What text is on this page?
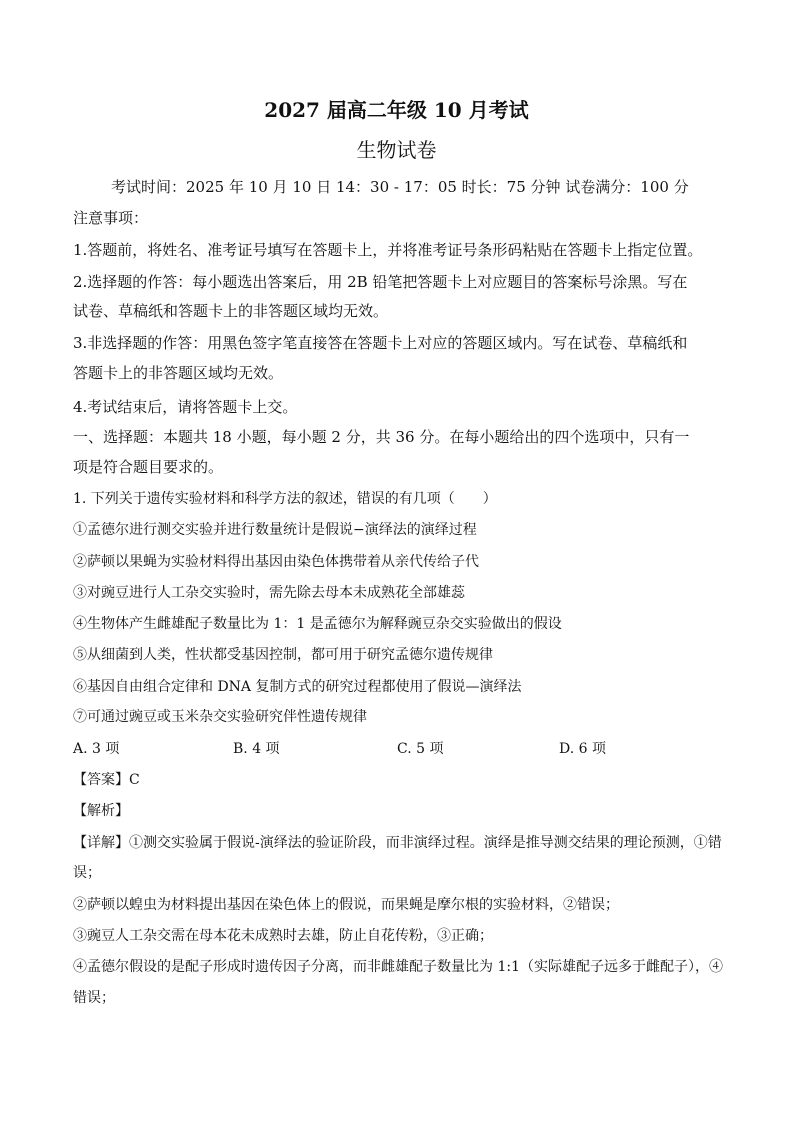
2027 届高二年级 10 月考试
生物试卷
考试时间：2025 年 10 月 10 日 14：30 - 17：05 时长：75 分钟 试卷满分：100 分
注意事项：
1.答题前，将姓名、准考证号填写在答题卡上，并将准考证号条形码粘贴在答题卡上指定位置。
2.选择题的作答：每小题选出答案后，用 2B 铅笔把答题卡上对应题目的答案标号涂黑。写在
试卷、草稿纸和答题卡上的非答题区域均无效。
3.非选择题的作答：用黑色签字笔直接答在答题卡上对应的答题区域内。写在试卷、草稿纸和
答题卡上的非答题区域均无效。
4.考试结束后，请将答题卡上交。
一、选择题：本题共 18 小题，每小题 2 分，共 36 分。在每小题给出的四个选项中，只有一
项是符合题目要求的。
1. 下列关于遗传实验材料和科学方法的叙述，错误的有几项（　　）
①孟德尔进行测交实验并进行数量统计是假说−演绎法的演绎过程
②萨顿以果蝇为实验材料得出基因由染色体携带着从亲代传给子代
③对豌豆进行人工杂交实验时，需先除去母本未成熟花全部雄蕊
④生物体产生雌雄配子数量比为 1：1 是孟德尔为解释豌豆杂交实验做出的假设
⑤从细菌到人类，性状都受基因控制，都可用于研究孟德尔遗传规律
⑥基因自由组合定律和 DNA 复制方式的研究过程都使用了假说—演绎法
⑦可通过豌豆或玉米杂交实验研究伴性遗传规律
A. 3 项	B. 4 项	C. 5 项	D. 6 项
【答案】C
【解析】
【详解】①测交实验属于假说-演绎法的验证阶段，而非演绎过程。演绎是推导测交结果的理论预测，①错
误；
②萨顿以蝗虫为材料提出基因在染色体上的假说，而果蝇是摩尔根的实验材料，②错误；
③豌豆人工杂交需在母本花未成熟时去雄，防止自花传粉，③正确；
④孟德尔假设的是配子形成时遗传因子分离，而非雌雄配子数量比为 1:1（实际雄配子远多于雌配子），④
错误；
